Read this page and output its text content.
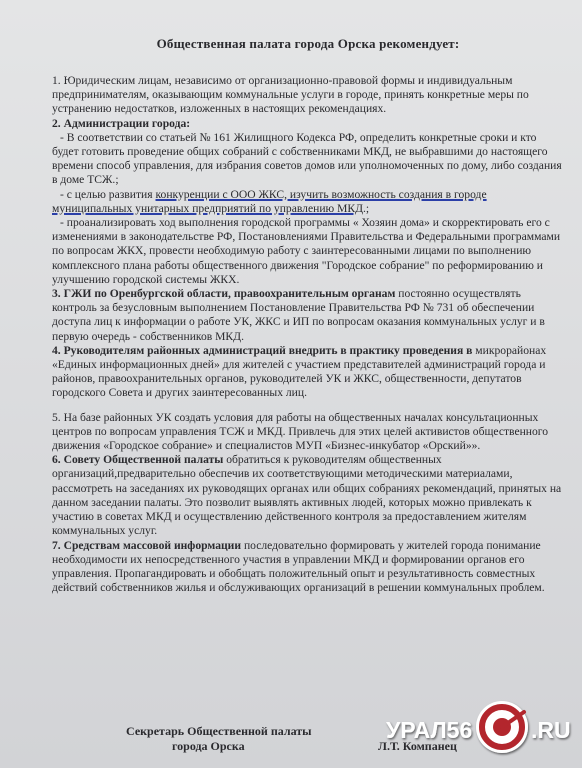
Общественная палата города Орска рекомендует:

1. Юридическим лицам, независимо от организационно-правовой формы и индивидуальным предпринимателям, оказывающим коммунальные услуги в городе, принять конкретные меры по устранению недостатков, изложенных в настоящих рекомендациях.

2. Администрации города:

- В соответствии со статьей № 161 Жилищного Кодекса РФ, определить конкретные сроки и кто будет готовить проведение общих собраний с собственниками МКД, не выбравшими до настоящего времени способ управления, для избрания советов домов или уполномоченных по дому, либо создания в доме ТСЖ.;

- с целью развития конкуренции с ООО ЖКС, изучить возможность создания в городе муниципальных унитарных предприятий по управлению МКД.;

- проанализировать ход выполнения городской программы « Хозяин дома» и скорректировать его с изменениями в законодательстве РФ, Постановлениями Правительства и Федеральными программами по вопросам ЖКХ, провести необходимую работу с заинтересованными лицами по выполнению комплексного плана работы общественного движения "Городское собрание" по реформированию и улучшению городской системы ЖКХ.

3. ГЖИ по Оренбургской области, правоохранительным органам постоянно осуществлять контроль за безусловным выполнением Постановление Правительства РФ № 731 об обеспечении доступа лиц к информации о работе УК, ЖКС и ИП по вопросам оказания коммунальных услуг и в первую очередь - собственников МКД.

4. Руководителям районных администраций внедрить в практику проведения в микрорайонах «Единых информационных дней» для жителей с участием представителей администраций города и районов, правоохранительных органов, руководителей УК и ЖКС, общественности, депутатов городского Совета и других заинтересованных лиц.

5. На базе районных УК создать условия для работы на общественных началах консультационных центров по вопросам управления ТСЖ и МКД. Привлечь для этих целей активистов общественного движения «Городское собрание» и специалистов МУП «Бизнес-инкубатор «Орский»».

6. Совету Общественной палаты обратиться к руководителям общественных организаций,предварительно обеспечив их соответствующими методическими материалами, рассмотреть на заседаниях их руководящих органах или общих собраниях рекомендаций, принятых на данном заседании палаты. Это позволит выявлять активных людей, которых можно привлекать к участию в советах МКД и осуществлению действенного контроля за предоставлением жителям коммунальных услуг.

7. Средствам массовой информации последовательно формировать у жителей города понимание необходимости их непосредственного участия в управлении МКД и формировании органов его управления. Пропагандировать и обобщать положительный опыт и результативность совместных действий собственников жилья и обслуживающих организаций в решении коммунальных проблем.

Секретарь Общественной палаты
города Орска	Л.Т. Компанец
УРАЛ56	.RU
